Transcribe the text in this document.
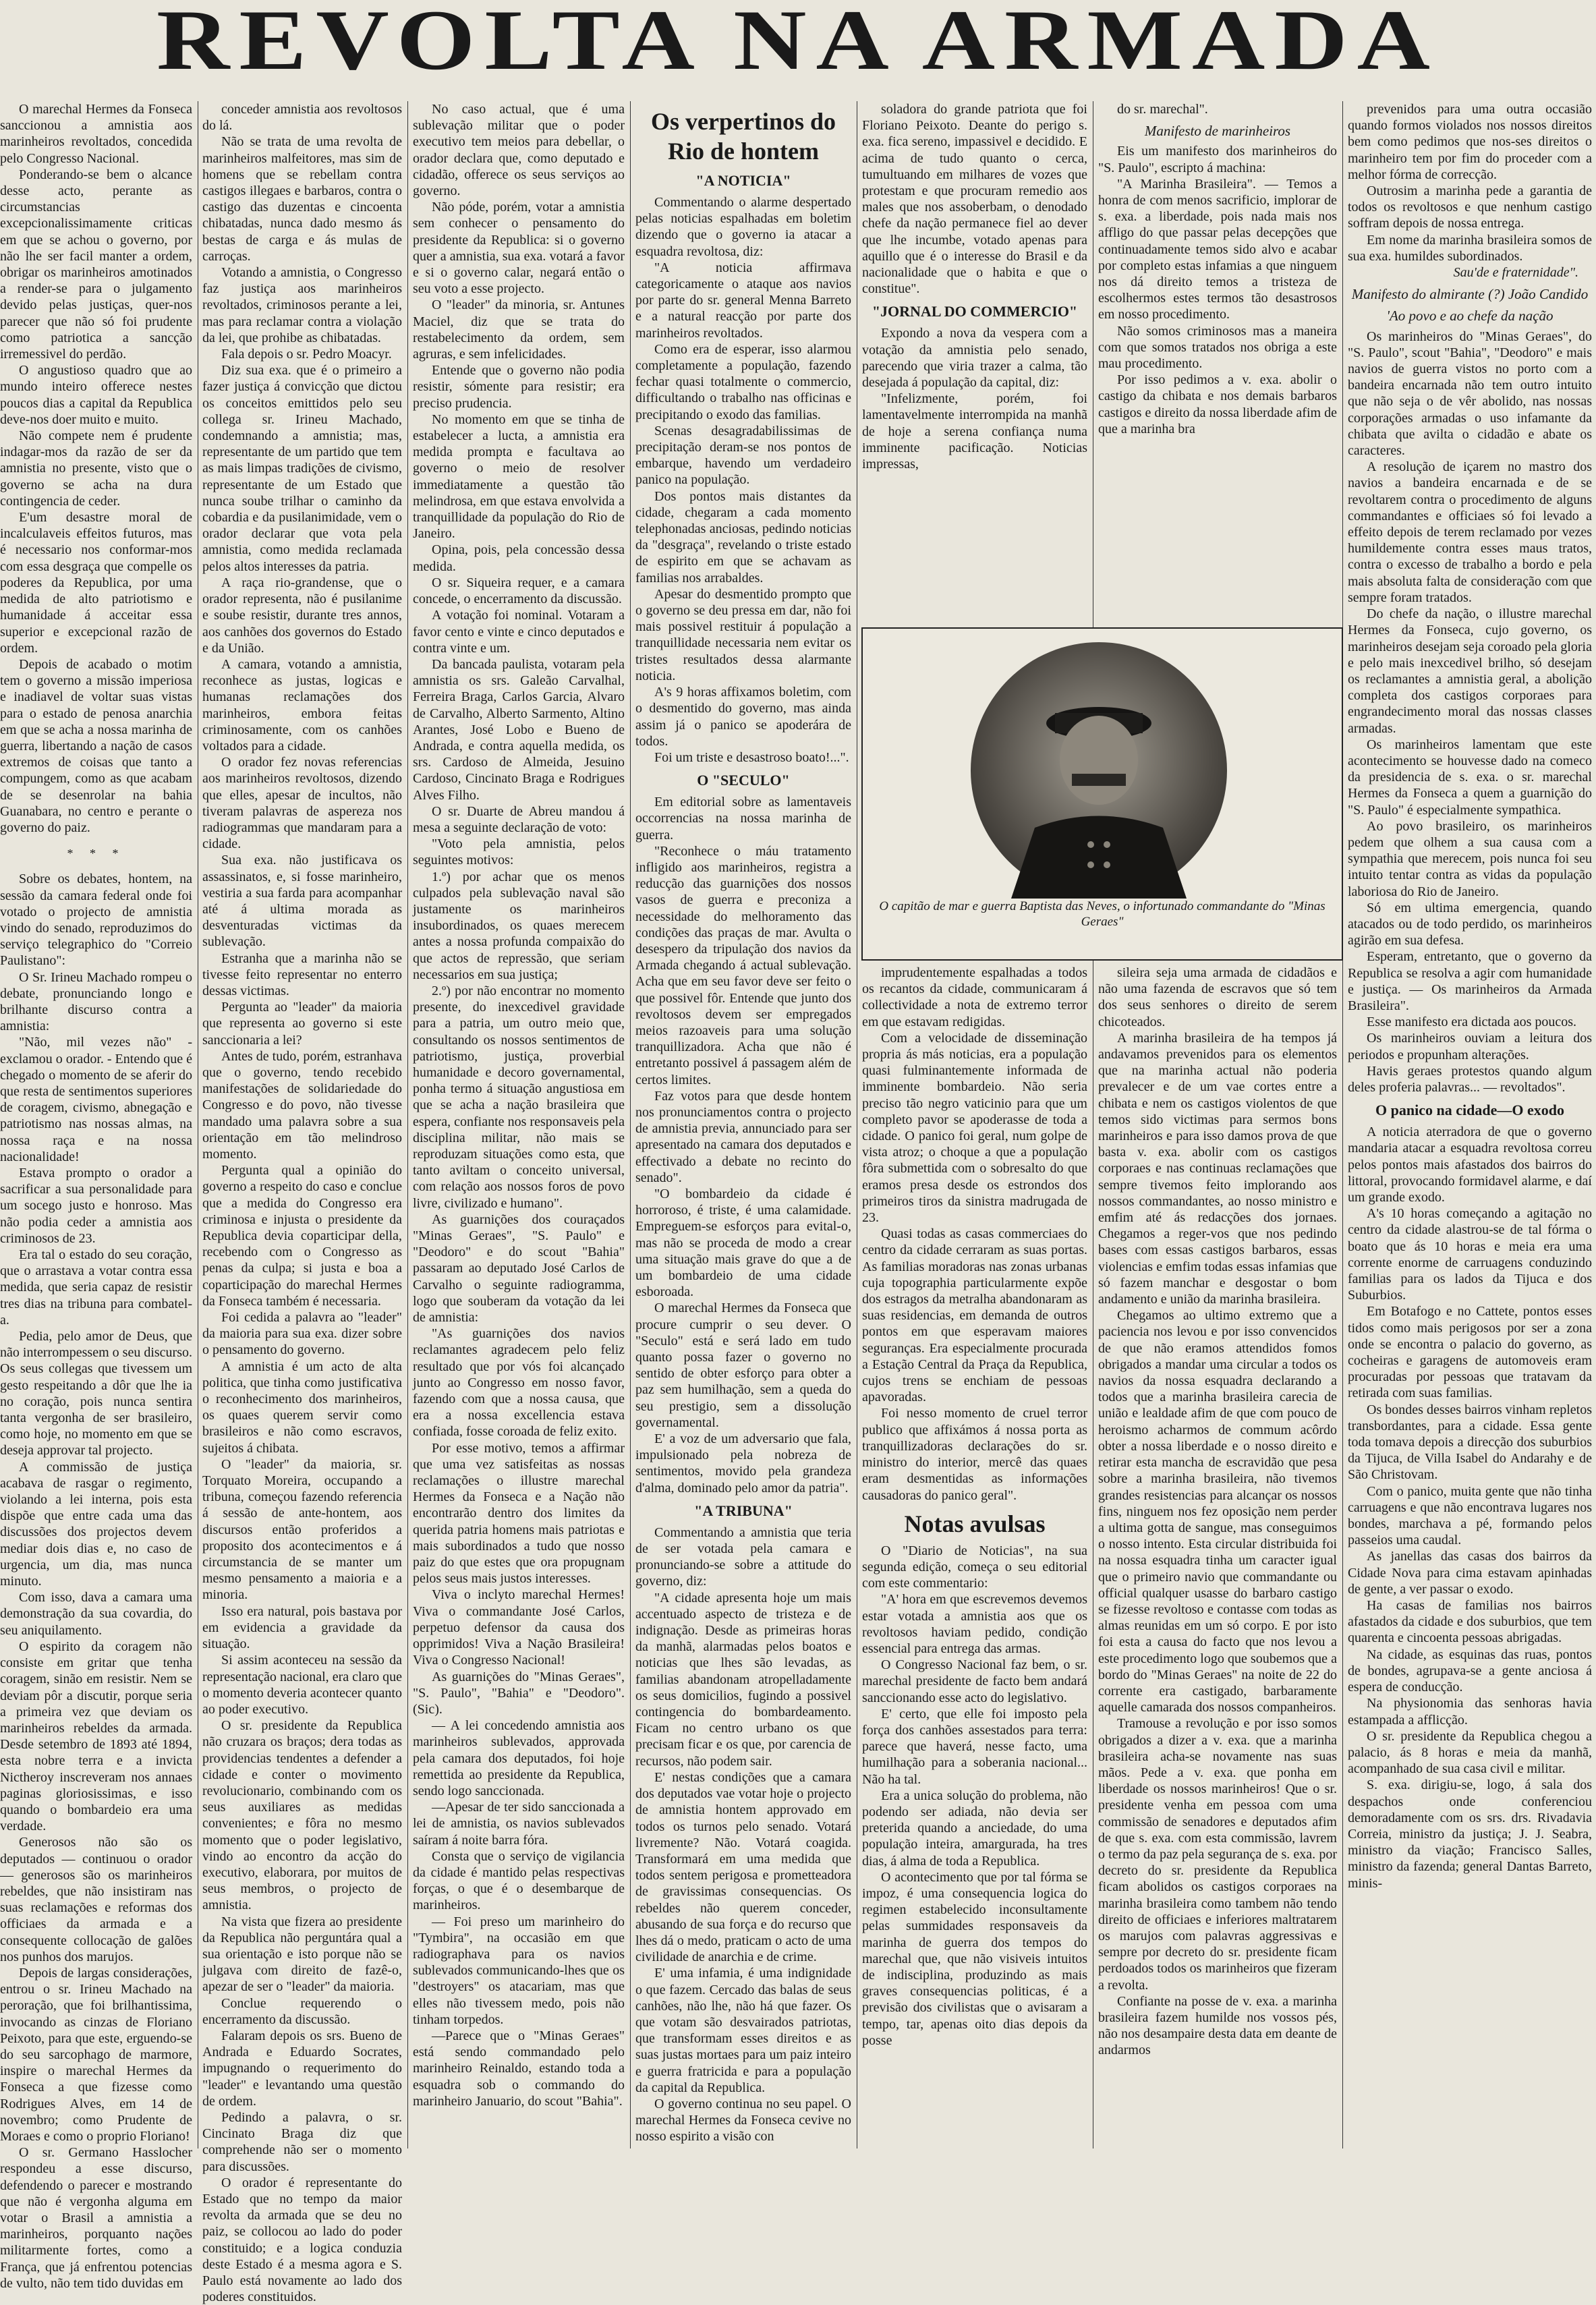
REVOLTA NA ARMADA

O marechal Hermes da Fonseca sanccionou a amnistia aos marinheiros revoltados, concedida pelo Congresso Nacional.

Ponderando-se bem o alcance desse acto, perante as circumstancias excepcionalissimamente criticas em que se achou o governo, por não lhe ser facil manter a ordem, obrigar os marinheiros amotinados a render-se para o julgamento devido pelas justiças, quer-nos parecer que não só foi prudente como patriotica a sancção irremessivel do perdão.

O angustioso quadro que ao mundo inteiro offerece nestes poucos dias a capital da Republica deve-nos doer muito e muito.

Não compete nem é prudente indagar-mos da razão de ser da amnistia no presente, visto que o governo se acha na dura contingencia de ceder.

E'um desastre moral de incalculaveis effeitos futuros, mas é necessario nos conformar-mos com essa desgraça que compelle os poderes da Republica, por uma medida de alto patriotismo e humanidade á acceitar essa superior e excepcional razão de ordem.

Depois de acabado o motim tem o governo a missão imperiosa e inadiavel de voltar suas vistas para o estado de penosa anarchia em que se acha a nossa marinha de guerra, libertando a nação de casos extremos de coisas que tanto a compungem, como as que acabam de se desenrolar na bahia Guanabara, no centro e perante o governo do paiz.

* * *

Sobre os debates, hontem, na sessão da camara federal onde foi votado o projecto de amnistia vindo do senado, reproduzimos do serviço telegraphico do "Correio Paulistano":

O Sr. Irineu Machado rompeu o debate, pronunciando longo e brilhante discurso contra a amnistia:

"Não, mil vezes não" - exclamou o orador. - Entendo que é chegado o momento de se aferir do que resta de sentimentos superiores de coragem, civismo, abnegação e patriotismo nas nossas almas, na nossa raça e na nossa nacionalidade!

Estava prompto o orador a sacrificar a sua personalidade para um socego justo e honroso. Mas não podia ceder a amnistia aos criminosos de 23.

Era tal o estado do seu coração, que o arrastava a votar contra essa medida, que seria capaz de resistir tres dias na tribuna para combatel-a.

Pedia, pelo amor de Deus, que não interrompessem o seu discurso. Os seus collegas que tivessem um gesto respeitando a dôr que lhe ia no coração, pois nunca sentira tanta vergonha de ser brasileiro, como hoje, no momento em que se deseja approvar tal projecto.

A commissão de justiça acabava de rasgar o regimento, violando a lei interna, pois esta dispõe que entre cada uma das discussões dos projectos devem mediar dois dias e, no caso de urgencia, um dia, mas nunca minuto.

Com isso, dava a camara uma demonstração da sua covardia, do seu aniquilamento.

O espirito da coragem não consiste em gritar que tenha coragem, sinão em resistir. Nem se deviam pôr a discutir, porque seria a primeira vez que deviam os marinheiros rebeldes da armada. Desde setembro de 1893 até 1894, esta nobre terra e a invicta Nictheroy inscreveram nos annaes paginas gloriosissimas, e isso quando o bombardeio era uma verdade.

Generosos não são os deputados — continuou o orador — generosos são os marinheiros rebeldes, que não insistiram nas suas reclamações e reformas dos officiaes da armada e a consequente collocação de galões nos punhos dos marujos.

Depois de largas considerações, entrou o sr. Irineu Machado na peroração, que foi brilhantissima, invocando as cinzas de Floriano Peixoto, para que este, erguendo-se do seu sarcophago de marmore, inspire o marechal Hermes da Fonseca a que fizesse como Rodrigues Alves, em 14 de novembro; como Prudente de Moraes e como o proprio Floriano!

O sr. Germano Hasslocher respondeu a esse discurso, defendendo o parecer e mostrando que não é vergonha alguma em votar o Brasil a amnistia a marinheiros, porquanto nações militarmente fortes, como a França, que já enfrentou potencias de vulto, não tem tido duvidas em

conceder amnistia aos revoltosos do lá.

Não se trata de uma revolta de marinheiros malfeitores, mas sim de homens que se rebellam contra castigos illegaes e barbaros, contra o castigo das duzentas e cincoenta chibatadas, nunca dado mesmo ás bestas de carga e ás mulas de carroças.

Votando a amnistia, o Congresso faz justiça aos marinheiros revoltados, criminosos perante a lei, mas para reclamar contra a violação da lei, que prohibe as chibatadas.

Fala depois o sr. Pedro Moacyr.

Diz sua exa. que é o primeiro a fazer justiça á convicção que dictou os conceitos emittidos pelo seu collega sr. Irineu Machado, condemnando a amnistia; mas, representante de um partido que tem as mais limpas tradições de civismo, representante de um Estado que nunca soube trilhar o caminho da cobardia e da pusilanimidade, vem o orador declarar que vota pela amnistia, como medida reclamada pelos altos interesses da patria.

A raça rio-grandense, que o orador representa, não é pusilanime e soube resistir, durante tres annos, aos canhões dos governos do Estado e da União.

A camara, votando a amnistia, reconhece as justas, logicas e humanas reclamações dos marinheiros, embora feitas criminosamente, com os canhões voltados para a cidade.

O orador fez novas referencias aos marinheiros revoltosos, dizendo que elles, apesar de incultos, não tiveram palavras de aspereza nos radiogrammas que mandaram para a cidade.

Sua exa. não justificava os assassinatos, e, si fosse marinheiro, vestiria a sua farda para acompanhar até á ultima morada as desventuradas victimas da sublevação.

Estranha que a marinha não se tivesse feito representar no enterro dessas victimas.

Pergunta ao "leader" da maioria que representa ao governo si este sanccionaria a lei?

Antes de tudo, porém, estranhava que o governo, tendo recebido manifestações de solidariedade do Congresso e do povo, não tivesse mandado uma palavra sobre a sua orientação em tão melindroso momento.

Pergunta qual a opinião do governo a respeito do caso e conclue que a medida do Congresso era criminosa e injusta o presidente da Republica devia coparticipar della, recebendo com o Congresso as penas da culpa; si justa e boa a coparticipação do marechal Hermes da Fonseca também é necessaria.

Foi cedida a palavra ao "leader" da maioria para sua exa. dizer sobre o pensamento do governo.

A amnistia é um acto de alta politica, que tinha como justificativa o reconhecimento dos marinheiros, os quaes querem servir como brasileiros e não como escravos, sujeitos á chibata.

O "leader" da maioria, sr. Torquato Moreira, occupando a tribuna, começou fazendo referencia á sessão de ante-hontem, aos discursos então proferidos a proposito dos acontecimentos e á circumstancia de se manter um mesmo pensamento a maioria e a minoria.

Isso era natural, pois bastava por em evidencia a gravidade da situação.

Si assim aconteceu na sessão da representação nacional, era claro que o momento deveria acontecer quanto ao poder executivo.

O sr. presidente da Republica não cruzara os braços; dera todas as providencias tendentes a defender a cidade e conter o movimento revolucionario, combinando com os seus auxiliares as medidas convenientes; e fôra no mesmo momento que o poder legislativo, vindo ao encontro da acção do executivo, elaborara, por muitos de seus membros, o projecto de amnistia.

Na vista que fizera ao presidente da Republica não perguntára qual a sua orientação e isto porque não se julgava com direito de fazê-o, apezar de ser o "leader" da maioria.

Conclue requerendo o encerramento da discussão.

Falaram depois os srs. Bueno de Andrada e Eduardo Socrates, impugnando o requerimento do "leader" e levantando uma questão de ordem.

Pedindo a palavra, o sr. Cincinato Braga diz que comprehende não ser o momento para discussões.

O orador é representante do Estado que no tempo da maior revolta da armada que se deu no paiz, se collocou ao lado do poder constituido; e a logica conduzia deste Estado é a mesma agora e S. Paulo está novamente ao lado dos poderes constituidos.

No caso actual, que é uma sublevação militar que o poder executivo tem meios para debellar, o orador declara que, como deputado e cidadão, offerece os seus serviços ao governo.

Não póde, porém, votar a amnistia sem conhecer o pensamento do presidente da Republica: si o governo quer a amnistia, sua exa. votará a favor e si o governo calar, negará então o seu voto a esse projecto.

O "leader" da minoria, sr. Antunes Maciel, diz que se trata do restabelecimento da ordem, sem agruras, e sem infelicidades.

Entende que o governo não podia resistir, sómente para resistir; era preciso prudencia.

No momento em que se tinha de estabelecer a lucta, a amnistia era medida prompta e facultava ao governo o meio de resolver immediatamente a questão tão melindrosa, em que estava envolvida a tranquillidade da população do Rio de Janeiro.

Opina, pois, pela concessão dessa medida.

O sr. Siqueira requer, e a camara concede, o encerramento da discussão.

A votação foi nominal. Votaram a favor cento e vinte e cinco deputados e contra vinte e um.

Da bancada paulista, votaram pela amnistia os srs. Galeão Carvalhal, Ferreira Braga, Carlos Garcia, Alvaro de Carvalho, Alberto Sarmento, Altino Arantes, José Lobo e Bueno de Andrada, e contra aquella medida, os srs. Cardoso de Almeida, Jesuino Cardoso, Cincinato Braga e Rodrigues Alves Filho.

O sr. Duarte de Abreu mandou á mesa a seguinte declaração de voto:

"Voto pela amnistia, pelos seguintes motivos:

1.º) por achar que os menos culpados pela sublevação naval são justamente os marinheiros insubordinados, os quaes merecem antes a nossa profunda compaixão do que actos de repressão, que seriam necessarios em sua justiça;

2.º) por não encontrar no momento presente, do inexcedivel gravidade para a patria, um outro meio que, consultando os nossos sentimentos de patriotismo, justiça, proverbial humanidade e decoro governamental, ponha termo á situação angustiosa em que se acha a nação brasileira que espera, confiante nos responsaveis pela disciplina militar, não mais se reproduzam situações como esta, que tanto aviltam o conceito universal, com relação aos nossos foros de povo livre, civilizado e humano".

As guarnições dos couraçados "Minas Geraes", "S. Paulo" e "Deodoro" e do scout "Bahia" passaram ao deputado José Carlos de Carvalho o seguinte radiogramma, logo que souberam da votação da lei de amnistia:

"As guarnições dos navios reclamantes agradecem pelo feliz resultado que por vós foi alcançado junto ao Congresso em nosso favor, fazendo com que a nossa causa, que era a nossa excellencia estava confiada, fosse coroada de feliz exito.

Por esse motivo, temos a affirmar que uma vez satisfeitas as nossas reclamações o illustre marechal Hermes da Fonseca e a Nação não encontrarão dentro dos limites da querida patria homens mais patriotas e mais subordinados a tudo que nosso paiz do que estes que ora propugnam pelos seus mais justos interesses.

Viva o inclyto marechal Hermes! Viva o commandante José Carlos, perpetuo defensor da causa dos opprimidos! Viva a Nação Brasileira! Viva o Congresso Nacional!

As guarnições do "Minas Geraes", "S. Paulo", "Bahia" e "Deodoro". (Sic).

— A lei concedendo amnistia aos marinheiros sublevados, approvada pela camara dos deputados, foi hoje remettida ao presidente da Republica, sendo logo sanccionada.

—Apesar de ter sido sanccionada a lei de amnistia, os navios sublevados saíram á noite barra fóra.

Consta que o serviço de vigilancia da cidade é mantido pelas respectivas forças, o que é o desembarque de marinheiros.

— Foi preso um marinheiro do "Tymbira", na occasião em que radiographava para os navios sublevados communicando-lhes que os "destroyers" os atacariam, mas que elles não tivessem medo, pois não tinham torpedos.

—Parece que o "Minas Geraes" está sendo commandado pelo marinheiro Reinaldo, estando toda a esquadra sob o commando do marinheiro Januario, do scout "Bahia".

Os verpertinos do Rio de hontem
"A NOTICIA"

Commentando o alarme despertado pelas noticias espalhadas em boletim dizendo que o governo ia atacar a esquadra revoltosa, diz:

"A noticia affirmava categoricamente o ataque aos navios por parte do sr. general Menna Barreto e a natural reacção por parte dos marinheiros revoltados.

Como era de esperar, isso alarmou completamente a população, fazendo fechar quasi totalmente o commercio, difficultando o trabalho nas officinas e precipitando o exodo das familias.

Scenas desagradabilissimas de precipitação deram-se nos pontos de embarque, havendo um verdadeiro panico na população.

Dos pontos mais distantes da cidade, chegaram a cada momento telephonadas anciosas, pedindo noticias da "desgraça", revelando o triste estado de espirito em que se achavam as familias nos arrabaldes.

Apesar do desmentido prompto que o governo se deu pressa em dar, não foi mais possivel restituir á população a tranquillidade necessaria nem evitar os tristes resultados dessa alarmante noticia.

A's 9 horas affixamos boletim, com o desmentido do governo, mas ainda assim já o panico se apoderára de todos.

Foi um triste e desastroso boato!...".

O "SECULO"

Em editorial sobre as lamentaveis occorrencias na nossa marinha de guerra.

"Reconhece o máu tratamento infligido aos marinheiros, registra a reducção das guarnições dos nossos vasos de guerra e preconiza a necessidade do melhoramento das condições das praças de mar. Avulta o desespero da tripulação dos navios da Armada chegando á actual sublevação. Acha que em seu favor deve ser feito o que possivel fôr. Entende que junto dos revoltosos devem ser empregados meios razoaveis para uma solução tranquillizadora. Acha que não é entretanto possivel á passagem além de certos limites.

Faz votos para que desde hontem nos pronunciamentos contra o projecto de amnistia previa, annunciado para ser apresentado na camara dos deputados e effectivado a debate no recinto do senado".

"O bombardeio da cidade é horroroso, é triste, é uma calamidade. Empreguem-se esforços para evital-o, mas não se proceda de modo a crear uma situação mais grave do que a de um bombardeio de uma cidade esboroada.

O marechal Hermes da Fonseca que procure cumprir o seu dever. O "Seculo" está e será lado em tudo quanto possa fazer o governo no sentido de obter esforço para obter a paz sem humilhação, sem a queda do seu prestigio, sem a dissolução governamental.

E' a voz de um adversario que fala, impulsionado pela nobreza de sentimentos, movido pela grandeza d'alma, dominado pelo amor da patria".

"A TRIBUNA"

Commentando a amnistia que teria de ser votada pela camara e pronunciando-se sobre a attitude do governo, diz:

"A cidade apresenta hoje um mais accentuado aspecto de tristeza e de indignação. Desde as primeiras horas da manhã, alarmadas pelos boatos e noticias que lhes são levadas, as familias abandonam atropelladamente os seus domicilios, fugindo a possivel contingencia do bombardeamento. Ficam no centro urbano os que precisam ficar e os que, por carencia de recursos, não podem sair.

E' nestas condições que a camara dos deputados vae votar hoje o projecto de amnistia hontem approvado em todos os turnos pelo senado. Votará livremente? Não. Votará coagida. Transformará em uma medida que todos sentem perigosa e prometteadora de gravissimas consequencias. Os rebeldes não querem conceder, abusando de sua força e do recurso que lhes dá o medo, praticam o acto de uma civilidade de anarchia e de crime.

E' uma infamia, é uma indignidade o que fazem. Cercado das balas de seus canhões, não lhe, não há que fazer. Os que votam são desvairados patriotas, que transformam esses direitos e as suas justas mortaes para um paiz inteiro e guerra fratricida e para a população da capital da Republica.

O governo continua no seu papel. O marechal Hermes da Fonseca cevive no nosso espirito a visão con

soladora do grande patriota que foi Floriano Peixoto. Deante do perigo s. exa. fica sereno, impassivel e decidido. E acima de tudo quanto o cerca, tumultuando em milhares de vozes que protestam e que procuram remedio aos males que nos assoberbam, o denodado chefe da nação permanece fiel ao dever que lhe incumbe, votado apenas para aquillo que é o interesse do Brasil e da nacionalidade que o habita e que o constitue".

"JORNAL DO COMMERCIO"

Expondo a nova da vespera com a votação da amnistia pelo senado, parecendo que viria trazer a calma, tão desejada á população da capital, diz:

"Infelizmente, porém, foi lamentavelmente interrompida na manhã de hoje a serena confiança numa imminente pacificação. Noticias impressas,

do sr. marechal".

Manifesto de marinheiros

Eis um manifesto dos marinheiros do "S. Paulo", escripto á machina:

"A Marinha Brasileira". — Temos a honra de com menos sacrificio, implorar de s. exa. a liberdade, pois nada mais nos affligo do que passar pelas decepções que continuadamente temos sido alvo e acabar por completo estas infamias a que ninguem nos dá direito temos a tristeza de escolhermos estes termos tão desastrosos em nosso procedimento.

Não somos criminosos mas a maneira com que somos tratados nos obriga a este mau procedimento.

Por isso pedimos a v. exa. abolir o castigo da chibata e nos demais barbaros castigos e direito da nossa liberdade afim de que a marinha bra

O capitão de mar e guerra Baptista das Neves, o infortunado commandante do "Minas Geraes"

imprudentemente espalhadas a todos os recantos da cidade, communicaram á collectividade a nota de extremo terror em que estavam redigidas.

Com a velocidade de disseminação propria ás más noticias, era a população quasi fulminantemente informada de imminente bombardeio. Não seria preciso tão negro vaticinio para que um completo pavor se apoderasse de toda a cidade. O panico foi geral, num golpe de vista atroz; o choque a que a população fôra submettida com o sobresalto do que eramos presa desde os estrondos dos primeiros tiros da sinistra madrugada de 23.

Quasi todas as casas commerciaes do centro da cidade cerraram as suas portas. As familias moradoras nas zonas urbanas cuja topographia particularmente expõe dos estragos da metralha abandonaram as suas residencias, em demanda de outros pontos em que esperavam maiores seguranças. Era especialmente procurada a Estação Central da Praça da Republica, cujos trens se enchiam de pessoas apavoradas.

Foi nesso momento de cruel terror publico que affixámos á nossa porta as tranquillizadoras declarações do sr. ministro do interior, mercê das quaes eram desmentidas as informações causadoras do panico geral".

Notas avulsas

O "Diario de Noticias", na sua segunda edição, começa o seu editorial com este commentario:

"A' hora em que escrevemos devemos estar votada a amnistia aos que os revoltosos haviam pedido, condição essencial para entrega das armas.

O Congresso Nacional faz bem, o sr. marechal presidente de facto bem andará sanccionando esse acto do legislativo.

E' certo, que elle foi imposto pela força dos canhões assestados para terra: parece que haverá, nesse facto, uma humilhação para a soberania nacional... Não ha tal.

Era a unica solução do problema, não podendo ser adiada, não devia ser preterida quando a anciedade, do uma população inteira, amargurada, ha tres dias, á alma de toda a Republica.

O acontecimento que por tal fórma se impoz, é uma consequencia logica do regimen estabelecido inconsultamente pelas summidades responsaveis da marinha de guerra dos tempos do marechal que, que não visiveis intuitos de indisciplina, produzindo as mais graves consequencias politicas, é a previsão dos civilistas que o avisaram a tempo, tar, apenas oito dias depois da posse

sileira seja uma armada de cidadãos e não uma fazenda de escravos que só tem dos seus senhores o direito de serem chicoteados.

A marinha brasileira de ha tempos já andavamos prevenidos para os elementos que na marinha actual não poderia prevalecer e de um vae cortes entre a chibata e nem os castigos violentos de que temos sido victimas para sermos bons marinheiros e para isso damos prova de que basta v. exa. abolir com os castigos corporaes e nas continuas reclamações que sempre tivemos feito implorando aos nossos commandantes, ao nosso ministro e emfim até ás redacções dos jornaes. Chegamos a reger-vos que nos pedindo bases com essas castigos barbaros, essas violencias e emfim todas essas infamias que só fazem manchar e desgostar o bom andamento e união da marinha brasileira.

Chegamos ao ultimo extremo que a paciencia nos levou e por isso convencidos de que não eramos attendidos fomos obrigados a mandar uma circular a todos os navios da nossa esquadra declarando a todos que a marinha brasileira carecia de união e lealdade afim de que com pouco de heroismo acharmos de commum acôrdo obter a nossa liberdade e o nosso direito e retirar esta mancha de escravidão que pesa sobre a marinha brasileira, não tivemos grandes resistencias para alcançar os nossos fins, ninguem nos fez oposição nem perder a ultima gotta de sangue, mas conseguimos o nosso intento. Esta circular distribuida foi na nossa esquadra tinha um caracter igual que o primeiro navio que commandante ou official qualquer usasse do barbaro castigo se fizesse revoltoso e contasse com todas as almas reunidas em um só corpo. E por isto foi esta a causa do facto que nos levou a este procedimento logo que soubemos que a bordo do "Minas Geraes" na noite de 22 do corrente era castigado, barbaramente aquelle camarada dos nossos companheiros.

Tramouse a revolução e por isso somos obrigados a dizer a v. exa. que a marinha brasileira acha-se novamente nas suas mãos. Pede a v. exa. que ponha em liberdade os nossos marinheiros! Que o sr. presidente venha em pessoa com uma commissão de senadores e deputados afim de que s. exa. com esta commissão, lavrem o termo da paz pela segurança de s. exa. por decreto do sr. presidente da Republica ficam abolidos os castigos corporaes na marinha brasileira como tambem não tendo direito de officiaes e inferiores maltratarem os marujos com palavras aggressivas e sempre por decreto do sr. presidente ficam perdoados todos os marinheiros que fizeram a revolta.

Confiante na posse de v. exa. a marinha brasileira fazem humilde nos vossos pés, não nos desampaire desta data em deante de andarmos

prevenidos para uma outra occasião quando formos violados nos nossos direitos bem como pedimos que nos-ses direitos o marinheiro tem por fim do proceder com a melhor fórma de correcção.

Outrosim a marinha pede a garantia de todos os revoltosos e que nenhum castigo soffram depois de nossa entrega.

Em nome da marinha brasileira somos de sua exa. humildes subordinados.

Sau'de e fraternidade".
Manifesto do almirante (?) João Candido
'Ao povo e ao chefe da nação

Os marinheiros do "Minas Geraes", do "S. Paulo", scout "Bahia", "Deodoro" e mais navios de guerra vistos no porto com a bandeira encarnada não tem outro intuito que não seja o de vêr abolido, nas nossas corporações armadas o uso infamante da chibata que avilta o cidadão e abate os caracteres.

A resolução de içarem no mastro dos navios a bandeira encarnada e de se revoltarem contra o procedimento de alguns commandantes e officiaes só foi levado a effeito depois de terem reclamado por vezes humildemente contra esses maus tratos, contra o excesso de trabalho a bordo e pela mais absoluta falta de consideração com que sempre foram tratados.

Do chefe da nação, o illustre marechal Hermes da Fonseca, cujo governo, os marinheiros desejam seja coroado pela gloria e pelo mais inexcedivel brilho, só desejam os reclamantes a amnistia geral, a abolição completa dos castigos corporaes para engrandecimento moral das nossas classes armadas.

Os marinheiros lamentam que este acontecimento se houvesse dado na comeco da presidencia de s. exa. o sr. marechal Hermes da Fonseca a quem a guarnição do "S. Paulo" é especialmente sympathica.

Ao povo brasileiro, os marinheiros pedem que olhem a sua causa com a sympathia que merecem, pois nunca foi seu intuito tentar contra as vidas da população laboriosa do Rio de Janeiro.

Só em ultima emergencia, quando atacados ou de todo perdido, os marinheiros agirão em sua defesa.

Esperam, entretanto, que o governo da Republica se resolva a agir com humanidade e justiça. — Os marinheiros da Armada Brasileira".

Esse manifesto era dictada aos poucos.

Os marinheiros ouviam a leitura dos periodos e propunham alterações.

Havis geraes protestos quando algum deles proferia palavras... — revoltados".

O panico na cidade—O exodo

A noticia aterradora de que o governo mandaria atacar a esquadra revoltosa correu pelos pontos mais afastados dos bairros do littoral, provocando formidavel alarme, e daí um grande exodo.

A's 10 horas começando a agitação no centro da cidade alastrou-se de tal fórma o boato que ás 10 horas e meia era uma corrente enorme de carruagens conduzindo familias para os lados da Tijuca e dos Suburbios.

Em Botafogo e no Cattete, pontos esses tidos como mais perigosos por ser a zona onde se encontra o palacio do governo, as cocheiras e garagens de automoveis eram procuradas por pessoas que tratavam da retirada com suas familias.

Os bondes desses bairros vinham repletos transbordantes, para a cidade. Essa gente toda tomava depois a direcção dos suburbios da Tijuca, de Villa Isabel do Andarahy e de São Christovam.

Com o panico, muita gente que não tinha carruagens e que não encontrava lugares nos bondes, marchava a pé, formando pelos passeios uma caudal.

As janellas das casas dos bairros da Cidade Nova para cima estavam apinhadas de gente, a ver passar o exodo.

Ha casas de familias nos bairros afastados da cidade e dos suburbios, que tem quarenta e cincoenta pessoas abrigadas.

Na cidade, as esquinas das ruas, pontos de bondes, agrupava-se a gente anciosa á espera de conducção.

Na physionomia das senhoras havia estampada a afflicção.

O sr. presidente da Republica chegou a palacio, ás 8 horas e meia da manhã, acompanhado de sua casa civil e militar.

S. exa. dirigiu-se, logo, á sala dos despachos onde conferenciou demoradamente com os srs. drs. Rivadavia Correia, ministro da justiça; J. J. Seabra, ministro da viação; Francisco Salles, ministro da fazenda; general Dantas Barreto, minis-
